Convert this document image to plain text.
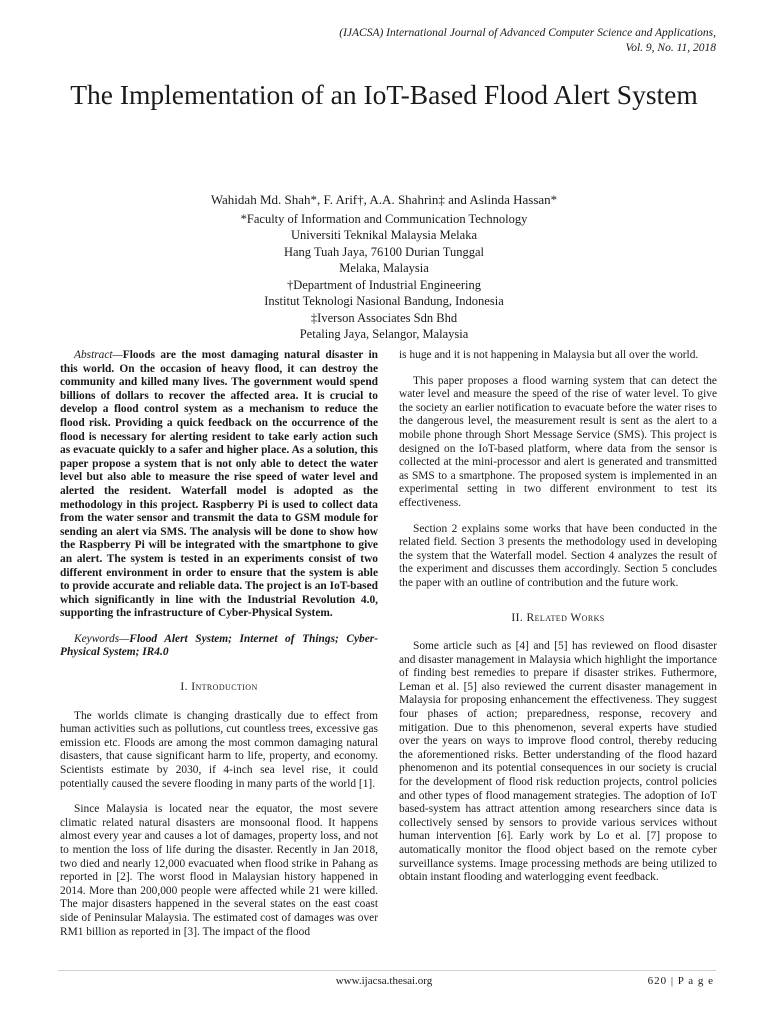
(IJACSA) International Journal of Advanced Computer Science and Applications,
Vol. 9, No. 11, 2018
The Implementation of an IoT-Based Flood Alert System
Wahidah Md. Shah*, F. Arif†, A.A. Shahrin‡ and Aslinda Hassan*
*Faculty of Information and Communication Technology
Universiti Teknikal Malaysia Melaka
Hang Tuah Jaya, 76100 Durian Tunggal
Melaka, Malaysia
†Department of Industrial Engineering
Institut Teknologi Nasional Bandung, Indonesia
‡Iverson Associates Sdn Bhd
Petaling Jaya, Selangor, Malaysia

Abstract—Floods are the most damaging natural disaster in this world. On the occasion of heavy flood, it can destroy the community and killed many lives. The government would spend billions of dollars to recover the affected area. It is crucial to develop a flood control system as a mechanism to reduce the flood risk. Providing a quick feedback on the occurrence of the flood is necessary for alerting resident to take early action such as evacuate quickly to a safer and higher place. As a solution, this paper propose a system that is not only able to detect the water level but also able to measure the rise speed of water level and alerted the resident. Waterfall model is adopted as the methodology in this project. Raspberry Pi is used to collect data from the water sensor and transmit the data to GSM module for sending an alert via SMS. The analysis will be done to show how the Raspberry Pi will be integrated with the smartphone to give an alert. The system is tested in an experiments consist of two different environment in order to ensure that the system is able to provide accurate and reliable data. The project is an IoT-based which significantly in line with the Industrial Revolution 4.0, supporting the infrastructure of Cyber-Physical System.

Keywords—Flood Alert System; Internet of Things; Cyber-Physical System; IR4.0

I. Introduction

The worlds climate is changing drastically due to effect from human activities such as pollutions, cut countless trees, excessive gas emission etc. Floods are among the most common damaging natural disasters, that cause significant harm to life, property, and economy. Scientists estimate by 2030, if 4-inch sea level rise, it could potentially caused the severe flooding in many parts of the world [1].

Since Malaysia is located near the equator, the most severe climatic related natural disasters are monsoonal flood. It happens almost every year and causes a lot of damages, property loss, and not to mention the loss of life during the disaster. Recently in Jan 2018, two died and nearly 12,000 evacuated when flood strike in Pahang as reported in [2]. The worst flood in Malaysian history happened in 2014. More than 200,000 people were affected while 21 were killed. The major disasters happened in the several states on the east coast side of Peninsular Malaysia. The estimated cost of damages was over RM1 billion as reported in [3]. The impact of the flood

is huge and it is not happening in Malaysia but all over the world.

This paper proposes a flood warning system that can detect the water level and measure the speed of the rise of water level. To give the society an earlier notification to evacuate before the water rises to the dangerous level, the measurement result is sent as the alert to a mobile phone through Short Message Service (SMS). This project is designed on the IoT-based platform, where data from the sensor is collected at the mini-processor and alert is generated and transmitted as SMS to a smartphone. The proposed system is implemented in an experimental setting in two different environment to test its effectiveness.

Section 2 explains some works that have been conducted in the related field. Section 3 presents the methodology used in developing the system that the Waterfall model. Section 4 analyzes the result of the experiment and discusses them accordingly. Section 5 concludes the paper with an outline of contribution and the future work.

II. Related Works

Some article such as [4] and [5] has reviewed on flood disaster and disaster management in Malaysia which highlight the importance of finding best remedies to prepare if disaster strikes. Futhermore, Leman et al. [5] also reviewed the current disaster management in Malaysia for proposing enhancement the effectiveness. They suggest four phases of action; preparedness, response, recovery and mitigation. Due to this phenomenon, several experts have studied over the years on ways to improve flood control, thereby reducing the aforementioned risks. Better understanding of the flood hazard phenomenon and its potential consequences in our society is crucial for the development of flood risk reduction projects, control policies and other types of flood management strategies. The adoption of IoT based-system has attract attention among researchers since data is collectively sensed by sensors to provide various services without human intervention [6]. Early work by Lo et al. [7] propose to automatically monitor the flood object based on the remote cyber surveillance systems. Image processing methods are being utilized to obtain instant flooding and waterlogging event feedback.

www.ijacsa.thesai.org	620 | P a g e
